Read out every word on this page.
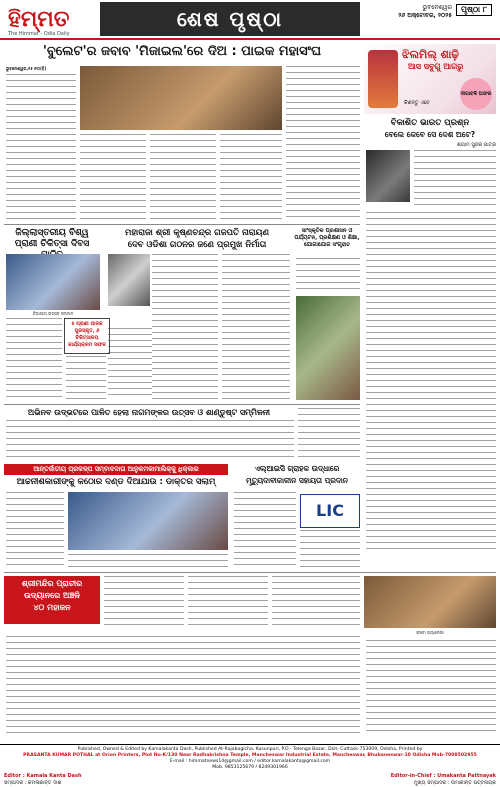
ହିମ୍ମତ
The Himmat - Odia Daily
ଶେଷ ପୃଷ୍ଠା	ପୃଷ୍ଠା ୮
ଭୁବନେଶ୍ୱର
୨୬ ଅକ୍ଟୋବର, ୨୦୨୫
'ବୁଲେଟ'ର ଜବାବ 'ମିଜାଇଲ'ରେ ଦିଅ : ପାଇକ ମହାସଂଘ
ଭୁବନେଶ୍ୱର,୨୫।୧୦(ହି)
ଝିଲମିଲ୍ ଶାଢ଼ି
ଆସ ସବୁଗୁ ଆଗରୁ
ଦୀପାବଳି ଅଫର
କିଣନ୍ତୁ ଏବେ
ବିକାଶିତ ଭାରତ ପ୍ରଶ୍ନ
ବେଲେ କେବେ ସେ ଦେଶ ଅଟେ?
ଶ୍ୟାମ ସୁନ୍ଦର ପାତ୍ର
ଜିଲ୍ଲାସ୍ତରୀୟ ବିଶ୍ୱ ପ୍ରାଣୀ ଚିକିତ୍ସା ଦିବସ
ବିଭାଗୀୟ ଉତ୍ସବ ସମ୍ମାନ
୫ ପ୍ରାଣୀ ପାଳକ ପୁରସ୍କୃତ, ୬ ଚିକିତ୍ସାଳୟ କାର୍ଯ୍ୟକ୍ରମ ସଫଳ
ମହାରାଜା ଶ୍ରୀ କୃଷ୍ଣଚନ୍ଦ୍ର ଗଜପତି ନାରାୟଣ
ଦେବ ଓଡିଶା ଗଠନର ଜଣେ ପ୍ରମୁଖ ନିର୍ମାତା
ସାଂସ୍କୃତିକ ପ୍ରଶାସନ ଓ ପର୍ଯ୍ୟଟନ, ପ୍ରଶିକ୍ଷଣ ଓ ଶିକ୍ଷା, ଯୋଗାଯୋଗ ସଂଗୃହୀତ
ଅଭିନବ ଉଦ୍ଭଟରେ ପାଳିତ ହେଲା ନାଗମଙ୍କର ଉତ୍ସବ ଓ ଶାଣ୍ଡୁଷ୍ଟ ସମ୍ମିଳନୀ
ଆନ୍ତର୍ଜାତୀୟ ପ୍ରକଳ୍ପ ସମ୍ବାଦଦାତା ଆନୁକମକାମାଲିକ୍କୁ ଧିକ୍କାର
ଆଚ୍ଚନୀଶକାରୀଙ୍କୁ କଠୋର ଦଣ୍ଡ ଦିଆଯାଉ : ଡାକ୍ତର ସଲାମ୍
ଏଲ୍ଆଇସି ଗ୍ରାହକ ଉଦ୍ଧାରେ
ମୃତ୍ୟୁଦାବୀକାଳୀନ ସହାୟତା ପ୍ରଦାନ
LIC
ଶ୍ରୀମନ୍ଦିର ପ୍ରାଚୀର
ଉଦ୍ୟାନରେ ଅଞ୍ଚଳି
୪୦ ମହାଜନ
ଫଟୋ ଗ୍ୟାଲେରୀ
Published, Owned & Edited by Kamalakanta Dash, Published At-Rajabagicha, Kusunpuri, P.O.- Telenga Bazar, Dist- Cuttack-753009, Odisha, Printed by
PRASANTA KUMAR POTHAL at Orion Printers, Plot No-K/130 Near Radhakrishna Temple, Mancheswar Industrial Estate, Mancheswar, Bhubaneswar-10 Odisha Mob-7008502955
E-mail : himmatnews14@gmail.com / editor.kamalakanta@gmail.com
Mob. 9853125679 / 8249301966
Editor : Kamala Kanta Dash
ସମ୍ପାଦକ : କମଳାକାନ୍ତ ଦାଶ
Editor-in-Chief : Umakanta Pattnayak
ମୁଖ୍ୟ ସମ୍ପାଦକ : ଉମାକାନ୍ତ ପଟ୍ଟନାୟକ
